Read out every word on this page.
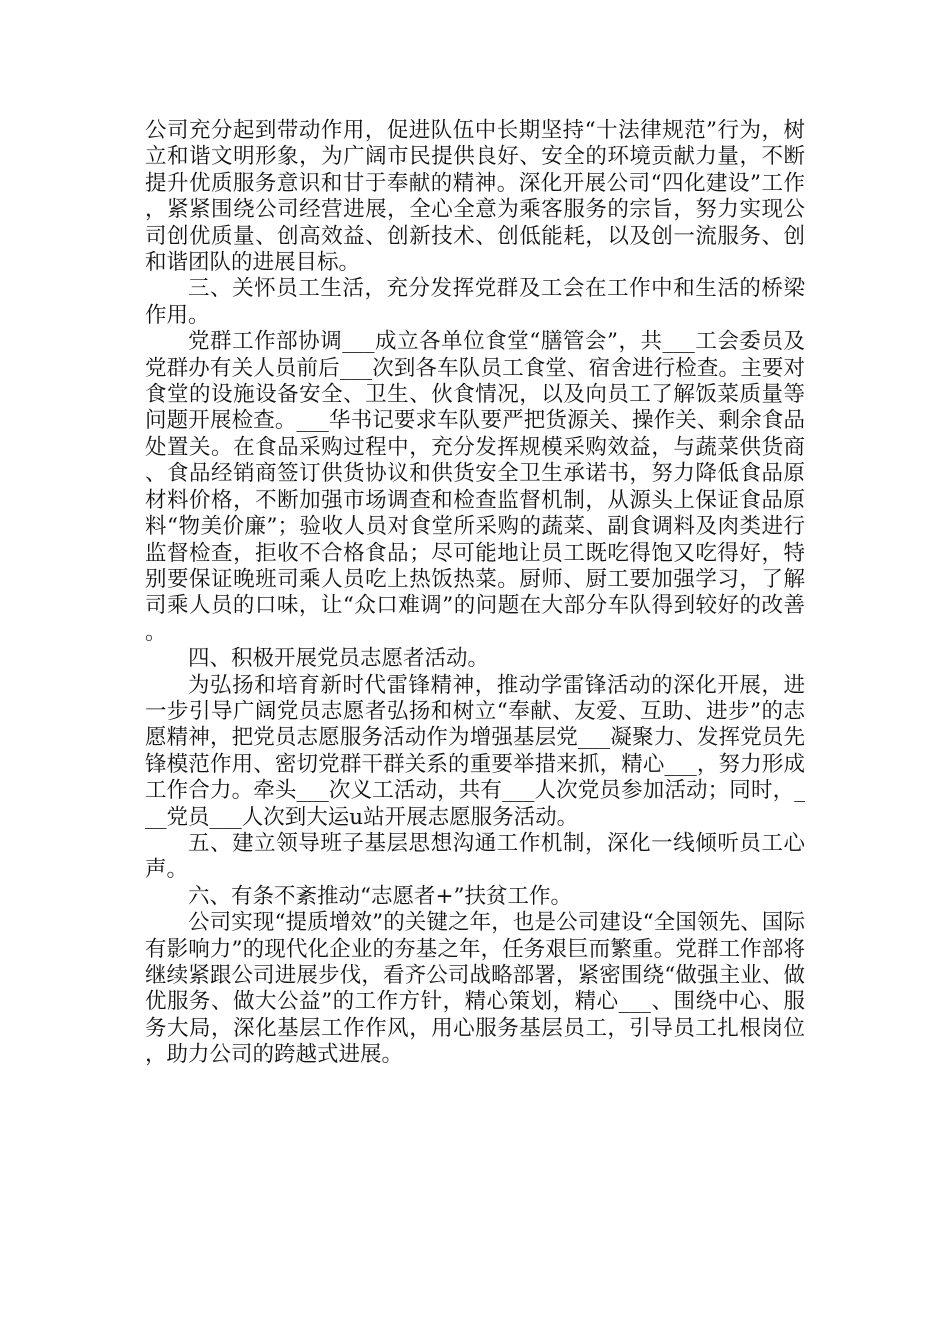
公司充分起到带动作用，促进队伍中长期坚持“十法律规范”行为，树立和谐文明形象，为广阔市民提供良好、安全的环境贡献力量，不断提升优质服务意识和甘于奉献的精神。深化开展公司“四化建设”工作，紧紧围绕公司经营进展，全心全意为乘客服务的宗旨，努力实现公司创优质量、创高效益、创新技术、创低能耗，以及创一流服务、创和谐团队的进展目标。

三、关怀员工生活，充分发挥党群及工会在工作中和生活的桥梁作用。

党群工作部协调___成立各单位食堂“膳管会”，共___工会委员及党群办有关人员前后___次到各车队员工食堂、宿舍进行检查。主要对食堂的设施设备安全、卫生、伙食情况，以及向员工了解饭菜质量等问题开展检查。___华书记要求车队要严把货源关、操作关、剩余食品处置关。在食品采购过程中，充分发挥规模采购效益，与蔬菜供货商、食品经销商签订供货协议和供货安全卫生承诺书，努力降低食品原材料价格，不断加强市场调查和检查监督机制，从源头上保证食品原料“物美价廉”；验收人员对食堂所采购的蔬菜、副食调料及肉类进行监督检查，拒收不合格食品；尽可能地让员工既吃得饱又吃得好，特别要保证晚班司乘人员吃上热饭热菜。厨师、厨工要加强学习，了解司乘人员的口味，让“众口难调”的问题在大部分车队得到较好的改善。

四、积极开展党员志愿者活动。

为弘扬和培育新时代雷锋精神，推动学雷锋活动的深化开展，进一步引导广阔党员志愿者弘扬和树立“奉献、友爱、互助、进步”的志愿精神，把党员志愿服务活动作为增强基层党___凝聚力、发挥党员先锋模范作用、密切党群干群关系的重要举措来抓，精心___，努力形成工作合力。牵头___次义工活动，共有___人次党员参加活动；同时，___党员___人次到大运u站开展志愿服务活动。

五、建立领导班子基层思想沟通工作机制，深化一线倾听员工心声。

六、有条不紊推动“志愿者+”扶贫工作。

公司实现“提质增效”的关键之年，也是公司建设“全国领先、国际有影响力”的现代化企业的夯基之年，任务艰巨而繁重。党群工作部将继续紧跟公司进展步伐，看齐公司战略部署，紧密围绕“做强主业、做优服务、做大公益”的工作方针，精心策划，精心___、围绕中心、服务大局，深化基层工作作风，用心服务基层员工，引导员工扎根岗位，助力公司的跨越式进展。
